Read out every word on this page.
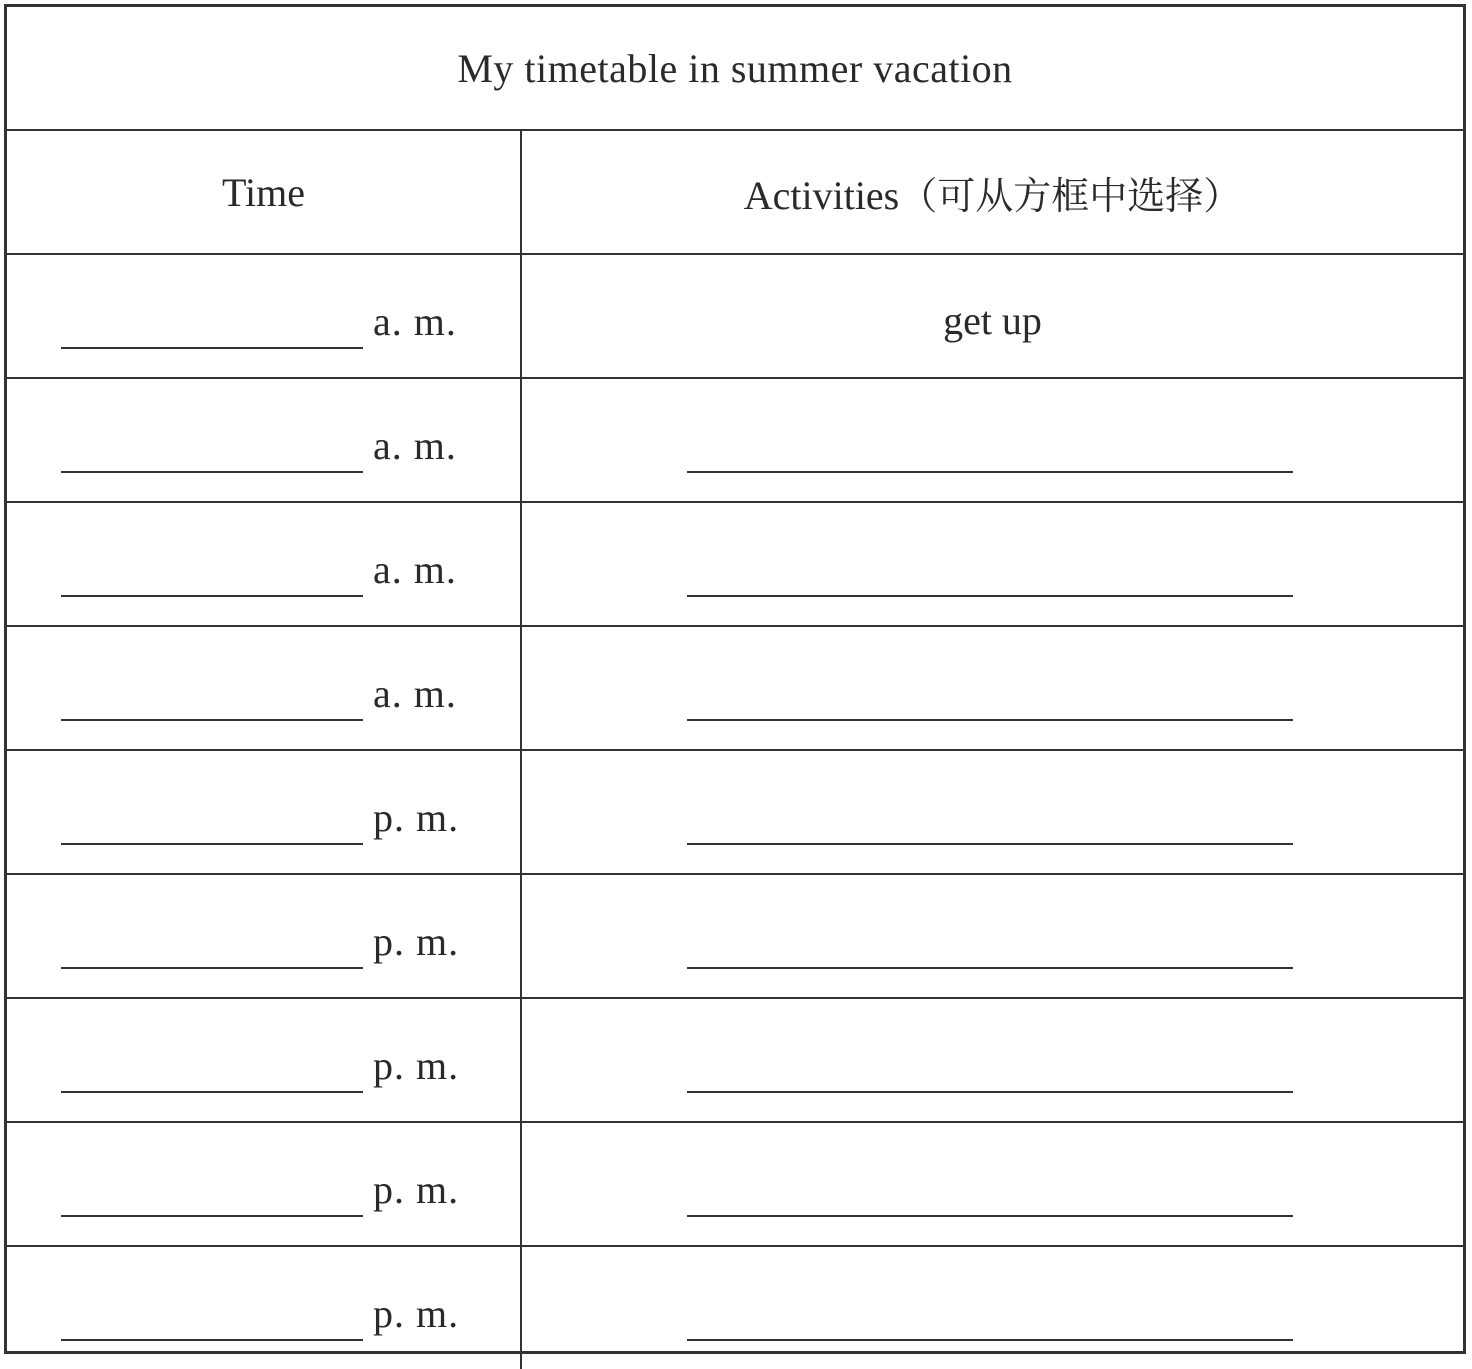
My timetable in summer vacation	
Time	Activities（可从方框中选择）

a. m.	get up

a. m.	

a. m.	

a. m.	

p. m.	

p. m.	

p. m.	

p. m.	

p. m.	
